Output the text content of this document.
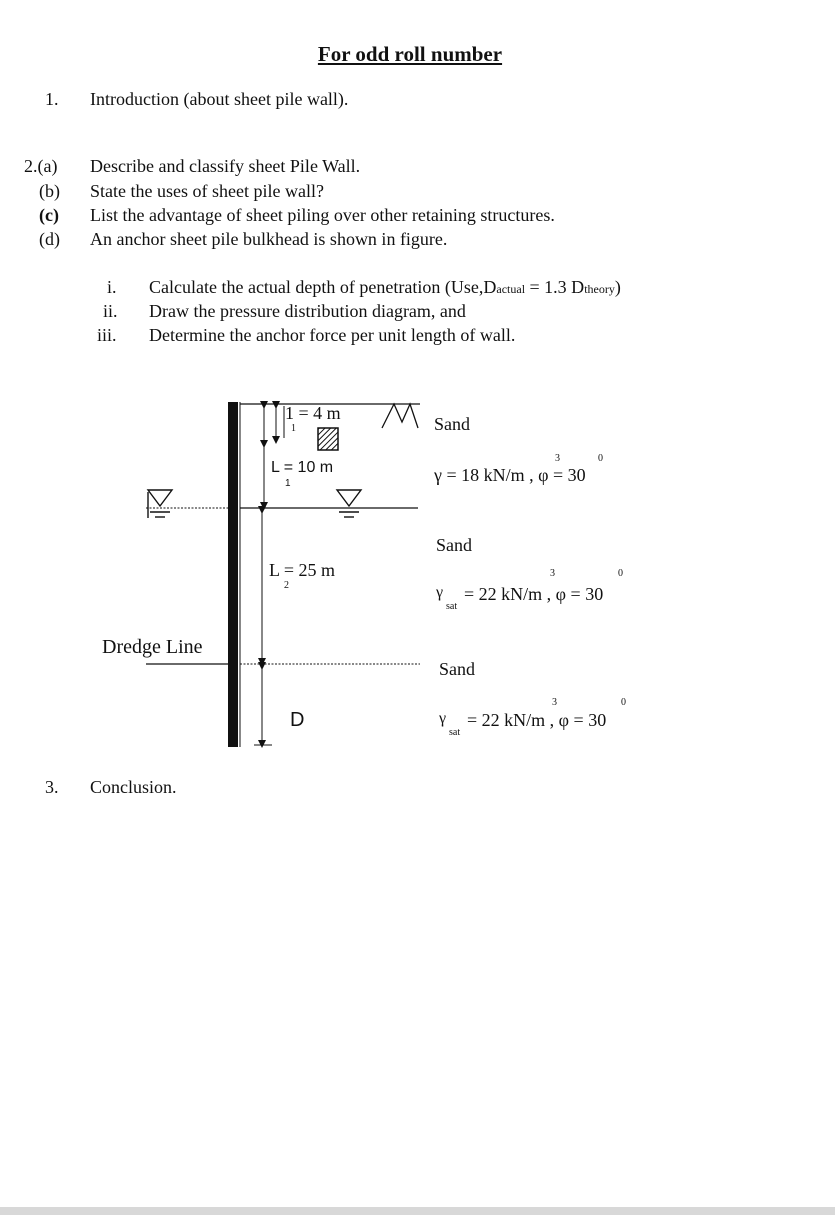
For odd roll number
1. Introduction (about sheet pile wall).
2.(a) Describe and classify sheet Pile Wall.
(b) State the uses of sheet pile wall?
(c) List the advantage of sheet piling over other retaining structures.
(d) An anchor sheet pile bulkhead is shown in figure.
i. Calculate the actual depth of penetration (Use,Dactual = 1.3 Dtheory)
ii. Draw the pressure distribution diagram, and
iii. Determine the anchor force per unit length of wall.
1 = 4 m
1
L = 10 m
1
L = 25 m
2
D
Dredge Line
Sand
3	0
γ = 18 kN/m , φ = 30
Sand
3	0
γ
sat
= 22 kN/m , φ = 30
Sand
3	0
γ
sat
= 22 kN/m , φ = 30
3. Conclusion.
